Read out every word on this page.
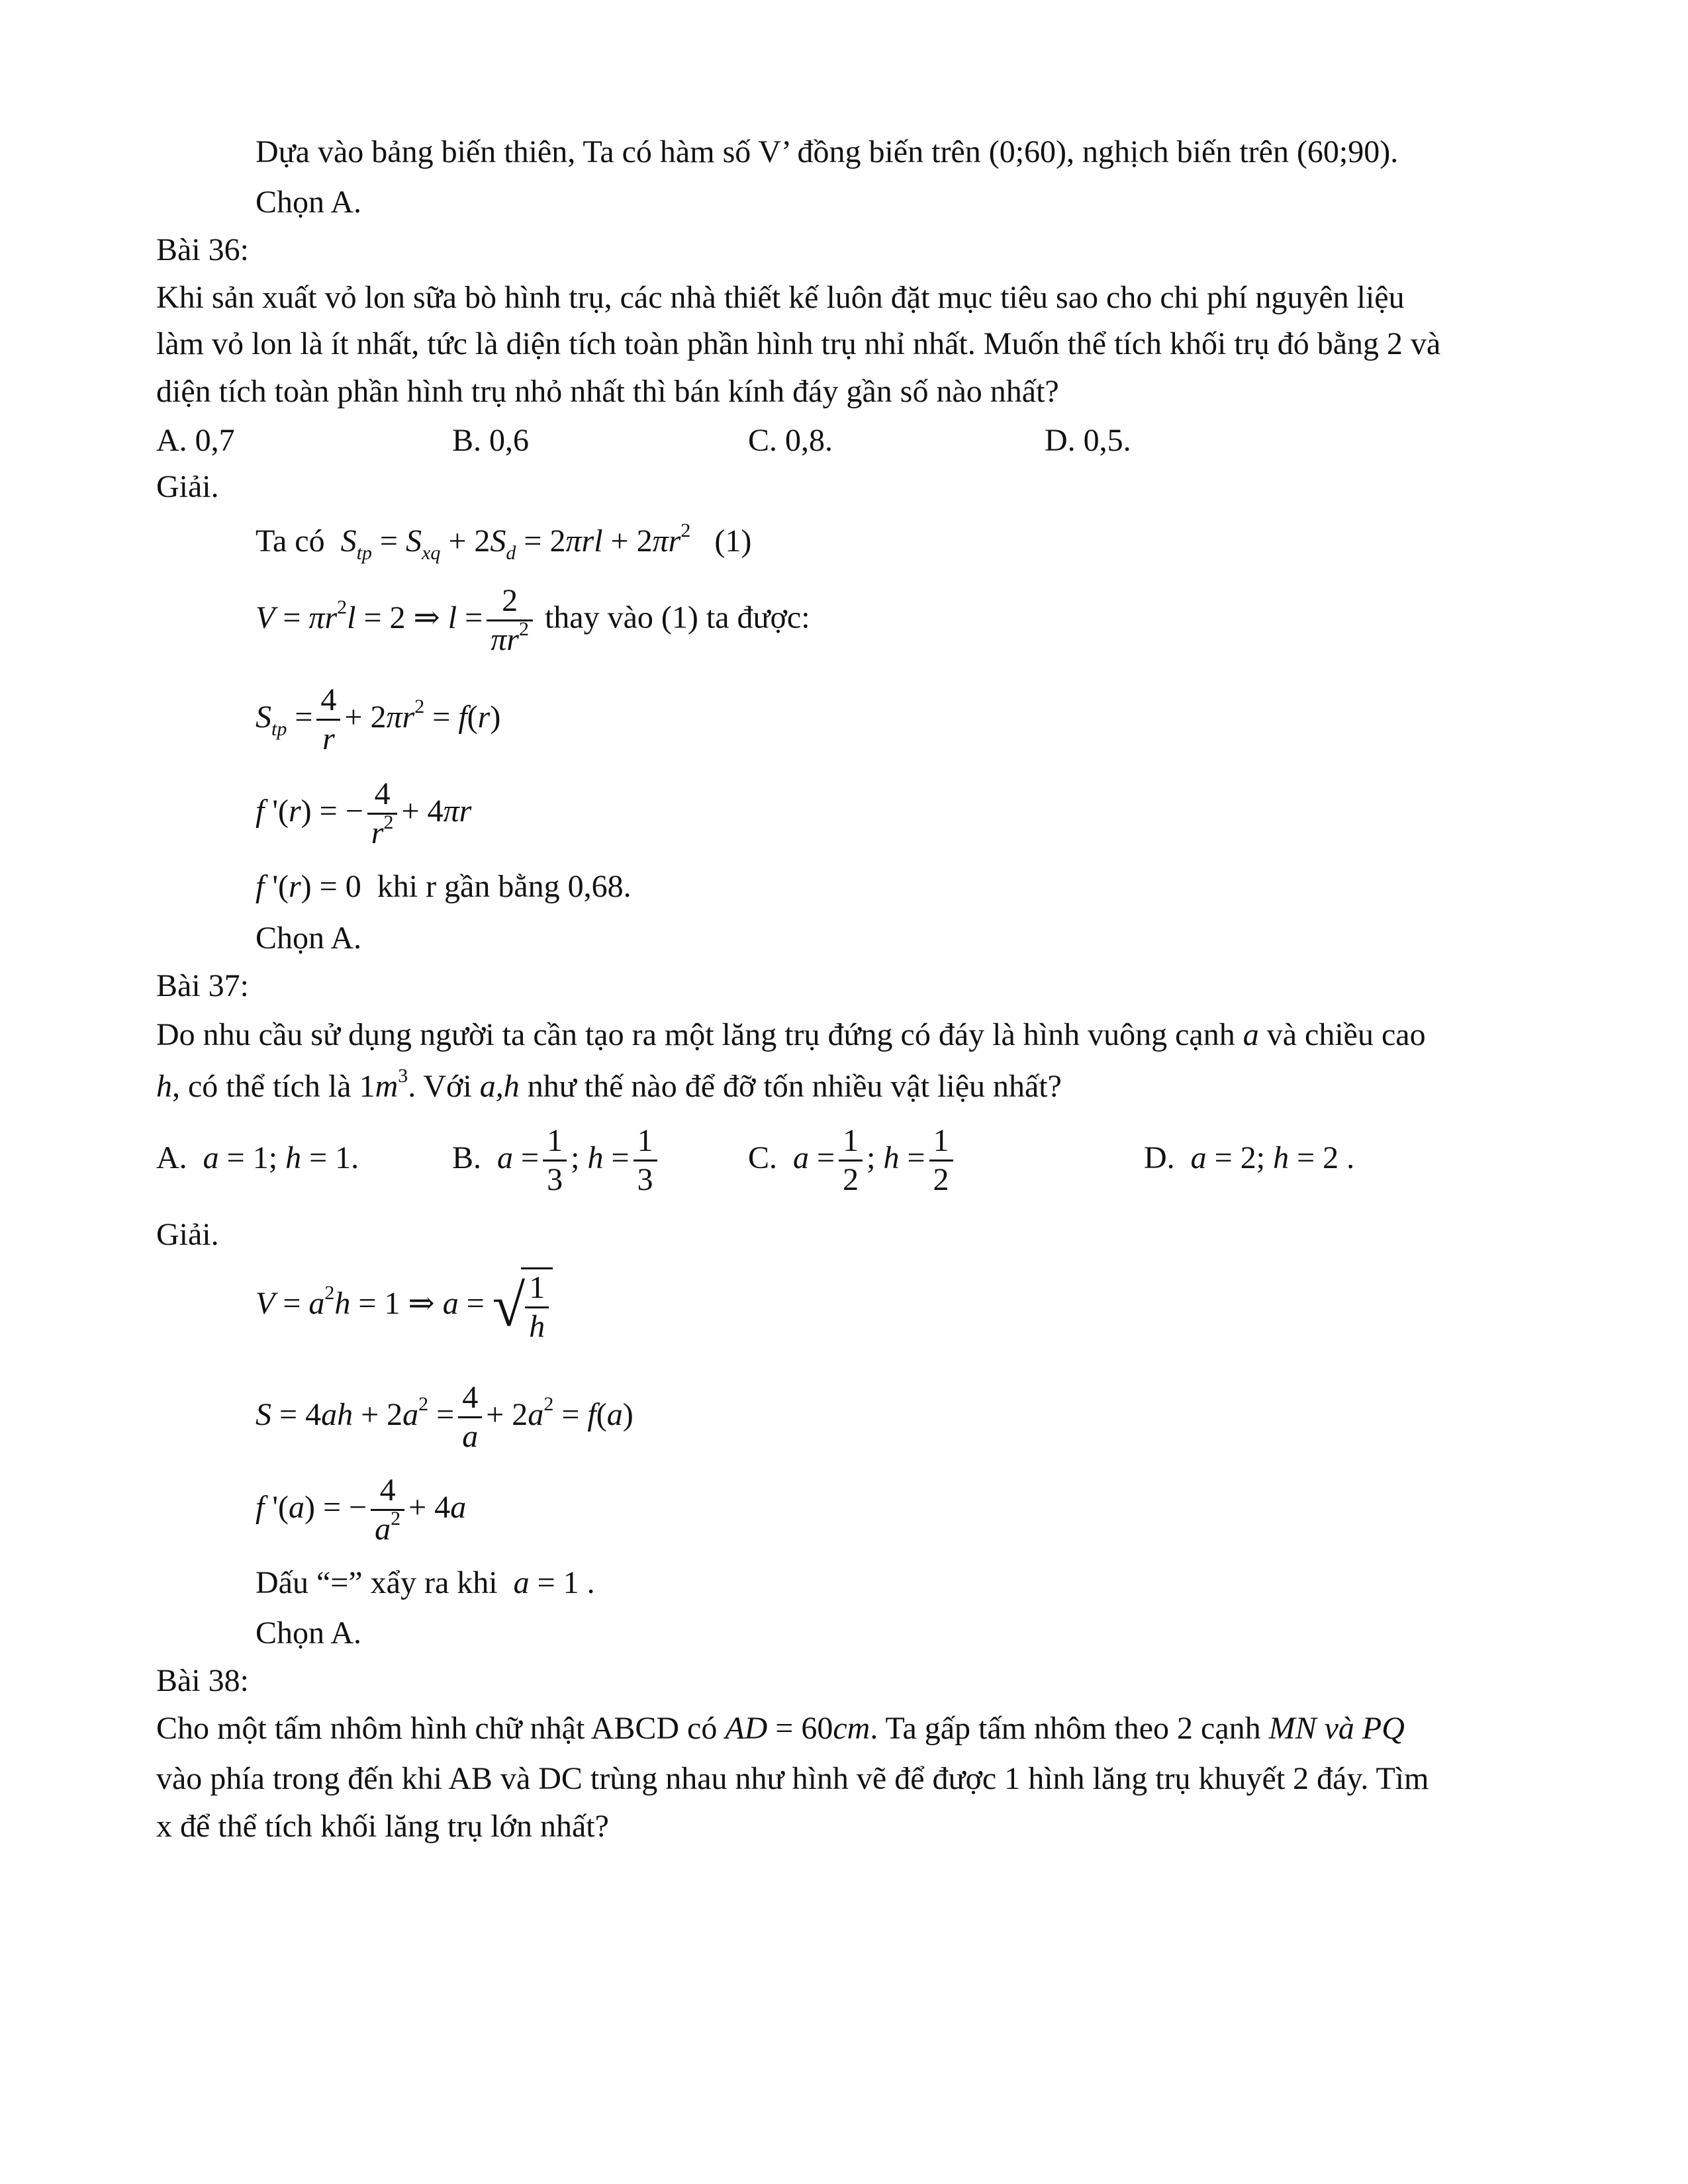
Dựa vào bảng biến thiên, Ta có hàm số V’ đồng biến trên (0;60), nghịch biến trên (60;90).
Chọn A.
Bài 36:
Khi sản xuất vỏ lon sữa bò hình trụ, các nhà thiết kế luôn đặt mục tiêu sao cho chi phí nguyên liệu
làm vỏ lon là ít nhất, tức là diện tích toàn phần hình trụ nhỉ nhất. Muốn thể tích khối trụ đó bằng 2 và
diện tích toàn phần hình trụ nhỏ nhất thì bán kính đáy gần số nào nhất?
A. 0,7	B. 0,6	C. 0,8.	D. 0,5.
Giải.
Ta có $S_{tp} = S_{xq} + 2S_d = 2\pi rl + 2\pi r^2$ (1)
$V = \pi r^2l = 2$ ⇒ $l = \frac{2}{\pi r^2}$ thay vào (1) ta được:
$S_{tp} = \frac{4}{r} + 2\pi r^2 = f(r)$
f '(r) = − $\frac{4}{r^2} + 4\pi r$
f '(r) = 0  khi r gần bằng 0,68.
Chọn A.
Bài 37:
Do nhu cầu sử dụng người ta cần tạo ra một lăng trụ đứng có đáy là hình vuông cạnh a và chiều cao
h, có thể tích là $1m^3$. Với a,h như thế nào để đỡ tốn nhiều vật liệu nhất?
A. a = 1; h = 1.	B. $a = \frac{1}{3}$ ; $h = \frac{1}{3}$	C. $a = \frac{1}{2}$ ; $h = \frac{1}{2}$	D. a = 2; h = 2 .
Giải.
$V = a^2h = 1$ ⇒ a = √ $\frac{1}{h}$
$S = 4ah + 2a^2 = \frac{4}{a} + 2a^2 = f(a)$
f '(a) = − $\frac{4}{a^2} + 4a$
Dấu “=” xẩy ra khi a = 1 .
Chọn A.
Bài 38:
Cho một tấm nhôm hình chữ nhật ABCD có AD = 60cm. Ta gấp tấm nhôm theo 2 cạnh MN và PQ
vào phía trong đến khi AB và DC trùng nhau như hình vẽ để được 1 hình lăng trụ khuyết 2 đáy. Tìm
x để thể tích khối lăng trụ lớn nhất?
